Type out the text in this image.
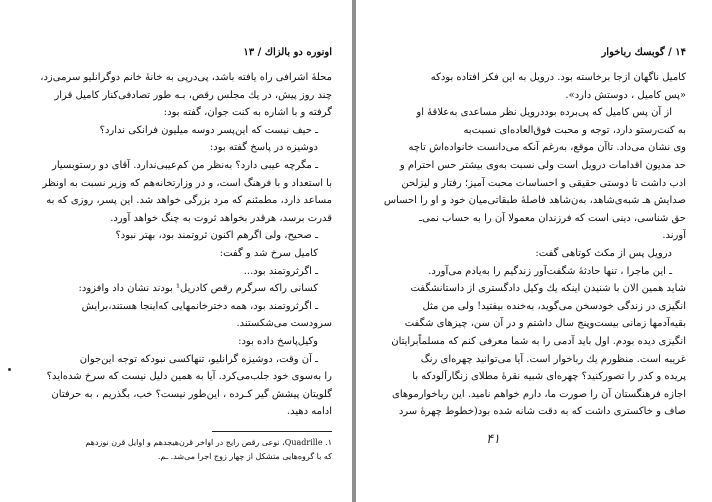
اونوره دو بالزاك / ۱۳

محلهٔ اشرافی راه یافته باشد، پی‌درپی به خانهٔ خانم دوگرانلیو سرمی‌زد،

چند روز پیش، در یك مجلس رقص، بـه طور تصادفی‌کنار کامیل قرار

گرفته و با اشاره به کنت جوان، گفته بود:

ـ حیف نیست که این‌پسر دوسه میلیون فرانکی ندارد؟

دوشیزه در پاسخ گفته بود:

ـ مگرچه عیبی دارد؟ به‌نظر من کم‌عیبی‌ندارد. آقای دو رستوبسیار

با استعداد و با فرهنگ است، و در وزارتخانه‌هم که وزیر نسبت به اونظر

مساعد دارد، مطمئنم که مرد بزرگی خواهد شد. این پسر، روزی که به

قدرت برسد، هرقدر بخواهد ثروت به‌ چنگ خواهد آورد.

ـ صحیح، ولی اگرهم اکنون ثروتمند بود، بهتر نبود؟

کامیل سرخ شد و گفت:

ـ اگرثروتمند بود...

کسانی راکه سرگرم رقص کادریل¹ بودند نشان داد وافزود:

ـ اگرثروتمند بود، همه دخترخانمهایی که‌اینجا هستند،برایش

سرودست می‌شکستند.

وکیل‌پاسخ داده بود:

ـ آن وقت، دوشیزه گرانلیو، تنهاکسی نبودکه توجه این‌جوان

را بەسوی خود جلب‌می‌کرد. آیا به همین دلیل نیست که سرخ شده‌اید؟

گلویتان پیشش گیر کـرده ، این‌طور نیست؟ خب، بگذریم ، به حرفتان

ادامه دهید.

۱. Quadrille، نوعی رقص رایج در اواخر قرن‌هیجدهم و اوایل قرن نوزدهم

که با گروه‌هایی متشکل از چهار زوج اجرا می‌شد. ـم.

۱۴ / گوبسك رباخوار

کامیل ناگهان ازجا برخاسته بود. درویل به این فکر افتاده بودکه

«پس کامیل ، دوستش دارد».

از آن پس کامیل که پی‌برده بوددرویل نظر مساعدی به‌علاقهٔ او

به کنت‌رستو دارد، توجه و محبت فوق‌العاده‌ای نسبت‌به

وی نشان می‌داد. تاآن موقع، به‌رغم آنکه می‌دانست خانواده‌اش تاچه

حد مدیون اقدامات درویل است ولی نسبت به‌وی بیشتر حس احترام و

ادب داشت تا دوستی حقیقی و احساسات محبت آمیز؛ رفتار و لیزلحن

صدایش هـ شبه‌ی‌شاهد، به‌ن‌شاهد فاصلهٔ طبقاتی‌میان خود و او را احساس

حق شناسی، دینی است که فرزندان معمولا آن را به حساب نمی‌ـ

آورند.

درویل پس از مکث کوتاهی گفت:

ـ این ماجرا ، تنها حادثهٔ شگفت‌آور زندگیم را به‌یادم می‌آورد.

شاید همین الان با شنیدن اینکه یك وکیل دادگستری از داستانشگفت

انگیزی در زندگی خودسخن می‌گوید، به‌خنده بیفتید! ولی من مثل

بقیه‌آدمها زمانی بیست‌وپنج سال داشتم و در آن سن، چیزهای شگفت

انگیزی دیده بودم. اول باید آدمی را به شما معرفی کنم که مسلماًبرایتان

غریبه است. منظورم یك رباخوار است. آیا می‌توانید چهره‌ای رنگ

پریده و کدر را تصورکنید؟ چهره‌ای شبیه نقرهٔ مطلای زنگارآلودکه با

اجازه فرهنگستان آن را صورت ما، دارم خواهم نامید. این رباخوارموهای

صاف و خاکستری داشت که به دقت شانه شده بود(خطوط چهرهٔ سرد

۴۱
